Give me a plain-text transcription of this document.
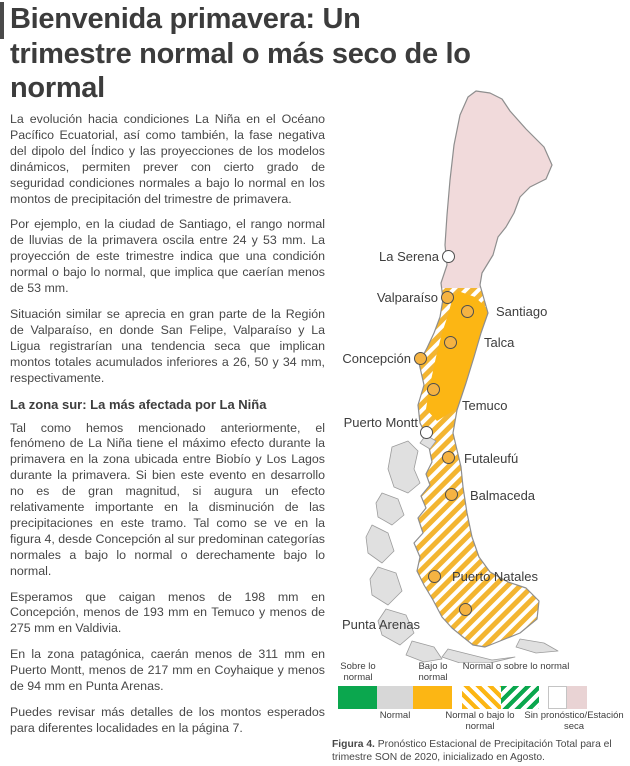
Bienvenida primavera: Un
trimestre normal o más seco de lo
normal

La evolución hacia condiciones La Niña en el Océano Pacífico Ecuatorial, así como también, la fase negativa del dipolo del Índico y las proyecciones de los modelos dinámicos, permiten prever con cierto grado de seguridad condiciones normales a bajo lo normal en los montos de precipitación del trimestre de primavera.

Por ejemplo, en la ciudad de Santiago, el rango normal de lluvias de la primavera oscila entre 24 y 53 mm. La proyección de este trimestre indica que una condición normal o bajo lo normal, que implica que caerían menos de 53 mm.

Situación similar se aprecia en gran parte de la Región de Valparaíso, en donde San Felipe, Valparaíso y La Ligua registrarían una tendencia seca que implican montos totales acumulados inferiores a 26, 50 y 34 mm, respectivamente.

La zona sur: La más afectada por La Niña

Tal como hemos mencionado anteriormente, el fenómeno de La Niña tiene el máximo efecto durante la primavera en la zona ubicada entre Biobío y Los Lagos durante la primavera. Si bien este evento en desarrollo no es de gran magnitud, si augura un efecto relativamente importante en la disminución de las precipitaciones en este tramo. Tal como se ve en la figura 4, desde Concepción al sur predominan categorías normales a bajo lo normal o derechamente bajo lo normal.

Esperamos que caigan menos de 198 mm en Concepción, menos de 193 mm en Temuco y menos de 275 mm en Valdivia.

En la zona patagónica, caerán menos de 311 mm en Puerto Montt, menos de 217 mm en Coyhaique y menos de 94 mm en Punta Arenas.

Puedes revisar más detalles de los montos esperados para diferentes localidades en la página 7.

La Serena
Valparaíso
Santiago
Talca
Concepción
Temuco
Puerto Montt
Futaleufú
Balmaceda
Puerto Natales
Punta Arenas
Sobre lo normal
Bajo lo normal
Normal o sobre lo normal
Normal	Normal o bajo lo normal
Sin pronóstico/Estación seca
Figura 4. Pronóstico Estacional de Precipitación Total para el trimestre SON de 2020, inicializado en Agosto.
